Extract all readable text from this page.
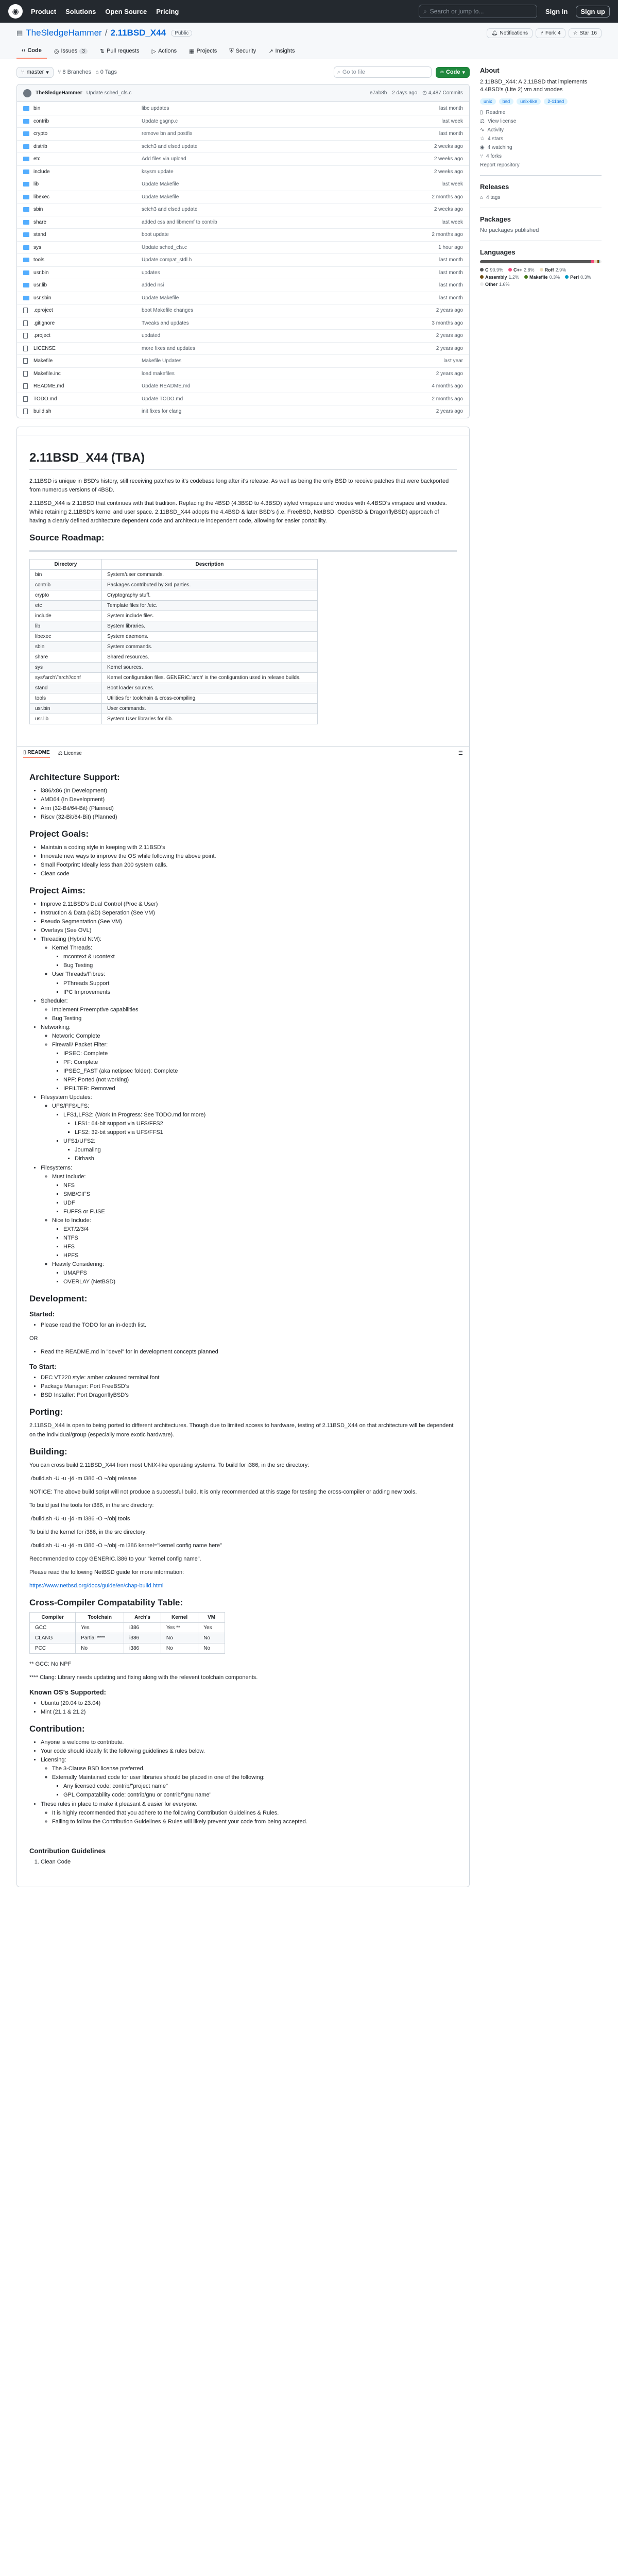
◉	Product Solutions Open Source Pricing	⌕ Search or jump to...	Sign in	Sign up
▤ TheSledgeHammer / 2.11BSD_X44	Public	🔔︎ Notifications ⑂ Fork 4 ☆ Star 16
‹› Code ◎ Issues 3	⇅ Pull requests ▷ Actions ▦ Projects ⛨ Security ↗ Insights
⑂ master ▾ ⑂ 8 Branches ⌂ 0 Tags	⌕ Go to file	‹› Code ▾
TheSledgeHammer Update sched_cfs.c	e7ab8b 2 days ago ◷ 4,487 Commits
bin	libc updates	last month
contrib	Update gsgnp.c	last week
crypto	remove bn and postfix	last month
distrib	sctch3 and elsed update	2 weeks ago
etc	Add files via upload	2 weeks ago
include	ksysm update	2 weeks ago
lib	Update Makefile	last week
libexec	Update Makefile	2 months ago
sbin	sctch3 and elsed update	2 weeks ago
share	added css and libmemf to contrib	last week
stand	boot update	2 months ago
sys	Update sched_cfs.c	1 hour ago
tools	Update compat_stdl.h	last month
usr.bin	updates	last month
usr.lib	added nsi	last month
usr.sbin	Update Makefile	last month
.cproject	boot Makefile changes	2 years ago
.gitignore	Tweaks and updates	3 months ago
.project	updated	2 years ago
LICENSE	more fixes and updates	2 years ago
Makefile	Makefile Updates	last year
Makefile.inc	load makefiles	2 years ago
README.md	Update README.md	4 months ago
TODO.md	Update TODO.md	2 months ago
build.sh	init fixes for clang	2 years ago
2.11BSD_X44 (TBA)

2.11BSD is unique in BSD's history, still receiving patches to it's codebase long after it's release. As well as being the only BSD to receive patches that were backported from numerous versions of 4BSD.

2.11BSD_X44 is 2.11BSD that continues with that tradition. Replacing the 4BSD (4.3BSD to 4.3BSD) styled vmspace and vnodes with 4.4BSD's vmspace and vnodes. While retaining 2.11BSD's kernel and user space. 2.11BSD_X44 adopts the 4.4BSD & later BSD's (i.e. FreeBSD, NetBSD, OpenBSD & DragonflyBSD) approach of having a clearly defined architecture dependent code and architecture independent code, allowing for easier portability.

Source Roadmap:
Directory	Description
bin	System/user commands.
contrib	Packages contributed by 3rd parties.
crypto	Cryptography stuff.
etc	Template files for /etc.
include	System include files.
lib	System libraries.
libexec	System daemons.
sbin	System commands.
share	Shared resources.
sys	Kernel sources.
sys/'arch'/'arch'/conf	Kernel configuration files. GENERIC.'arch' is the configuration used in release builds.
stand	Boot loader sources.
tools	Utilities for toolchain & cross-compiling.
usr.bin	User commands.
usr.lib	System User libraries for /lib.
▯ README ⚖ License	☰
Architecture Support:
• i386/x86 (In Development)
• AMD64 (In Development)
• Arm (32-Bit/64-Bit) (Planned)
• Riscv (32-Bit/64-Bit) (Planned)
Project Goals:
• Maintain a coding style in keeping with 2.11BSD's
• Innovate new ways to improve the OS while following the above point.
• Small Footprint: Ideally less than 200 system calls.
• Clean code
Project Aims:
• Improve 2.11BSD's Dual Control (Proc & User)
• Instruction & Data (I&D) Seperation (See VM)
• Pseudo Segmentation (See VM)
• Overlays (See OVL)
• Threading (Hybrid N:M):
◦ Kernel Threads:
▪ mcontext & ucontext
▪ Bug Testing
◦ User Threads/Fibres:
▪ PThreads Support
▪ IPC Improvements
• Scheduler:
◦ Implement Preemptive capabilities
◦ Bug Testing
• Networking:
◦ Network: Complete
◦ Firewall/ Packet Filter:
▪ IPSEC: Complete
▪ PF: Complete
▪ IPSEC_FAST (aka netipsec folder): Complete
▪ NPF: Ported (not working)
▪ IPFILTER: Removed
• Filesystem Updates:
◦ UFS/FFS/LFS:
▪ LFS1,LFS2: (Work In Progress: See TODO.md for more)
▪ LFS1: 64-bit support via UFS/FFS2
▪ LFS2: 32-bit support via UFS/FFS1
▪ UFS1/UFS2:
▪ Journaling
▪ Dirhash
• Filesystems:
◦ Must Include:
▪ NFS
▪ SMB/CIFS
▪ UDF
▪ FUFFS or FUSE
◦ Nice to Include:
▪ EXT/2/3/4
▪ NTFS
▪ HFS
▪ HPFS
◦ Heavily Considering:
▪ UMAPFS
▪ OVERLAY (NetBSD)
Development:
Started:
• Please read the TODO for an in-depth list.

OR

• Read the README.md in "devel" for in development concepts planned
To Start:
• DEC VT220 style: amber coloured terminal font
• Package Manager: Port FreeBSD's
• BSD Installer: Port DragonflyBSD's
Porting:

2.11BSD_X44 is open to being ported to different architectures. Though due to limited access to hardware, testing of 2.11BSD_X44 on that architecture will be dependent on the individual/group (especially more exotic hardware).

Building:

You can cross build 2.11BSD_X44 from most UNIX-like operating systems. To build for i386, in the src directory:

./build.sh -U -u -j4 -m i386 -O ~/obj release

NOTICE: The above build script will not produce a successful build. It is only recommended at this stage for testing the cross-compiler or adding new tools.

To build just the tools for i386, in the src directory:

./build.sh -U -u -j4 -m i386 -O ~/obj tools

To build the kernel for i386, in the src directory:

./build.sh -U -u -j4 -m i386 -O ~/obj -m i386 kernel="kernel config name here"

Recommended to copy GENERIC.i386 to your "kernel config name".

Please read the following NetBSD guide for more information:

https://www.netbsd.org/docs/guide/en/chap-build.html

Cross-Compiler Compatability Table:
Compiler	Toolchain	Arch's	Kernel	VM
GCC	Yes	i386	Yes **	Yes
CLANG	Partial ****	i386	No	No
PCC	No	i386	No	No

** GCC: No NPF

**** Clang: Library needs updating and fixing along with the relevent toolchain components.

Known OS's Supported:
• Ubuntu (20.04 to 23.04)
• Mint (21.1 & 21.2)
Contribution:
• Anyone is welcome to contribute.
• Your code should ideally fit the following guidelines & rules below.
• Licensing:
◦ The 3-Clause BSD license preferred.
◦ Externally Maintained code for user libraries should be placed in one of the following:
▪ Any licensed code: contrib/"project name"
▪ GPL Compatability code: contrib/gnu or contrib/"gnu name"
• These rules in place to make it pleasant & easier for everyone.
◦ It is highly recommended that you adhere to the following Contribution Guidelines & Rules.
◦ Failing to follow the Contribution Guidelines & Rules will likely prevent your code from being accepted.
Contribution Guidelines
1. Clean Code
About
2.11BSD_X44: A 2.11BSD that implements 4.4BSD's (Lite 2) vm and vnodes
unix bsd unix-like 2-11bsd
▯ Readme
⚖ View license
∿ Activity
☆ 4 stars
◉ 4 watching
⑂ 4 forks
Report repository
Releases
⌂ 4 tags
Packages
No packages published
Languages
C 90.9% C++ 2.8% Roff 2.9%
Assembly 1.2% Makefile 0.3% Perl 0.3%
Other 1.6%
